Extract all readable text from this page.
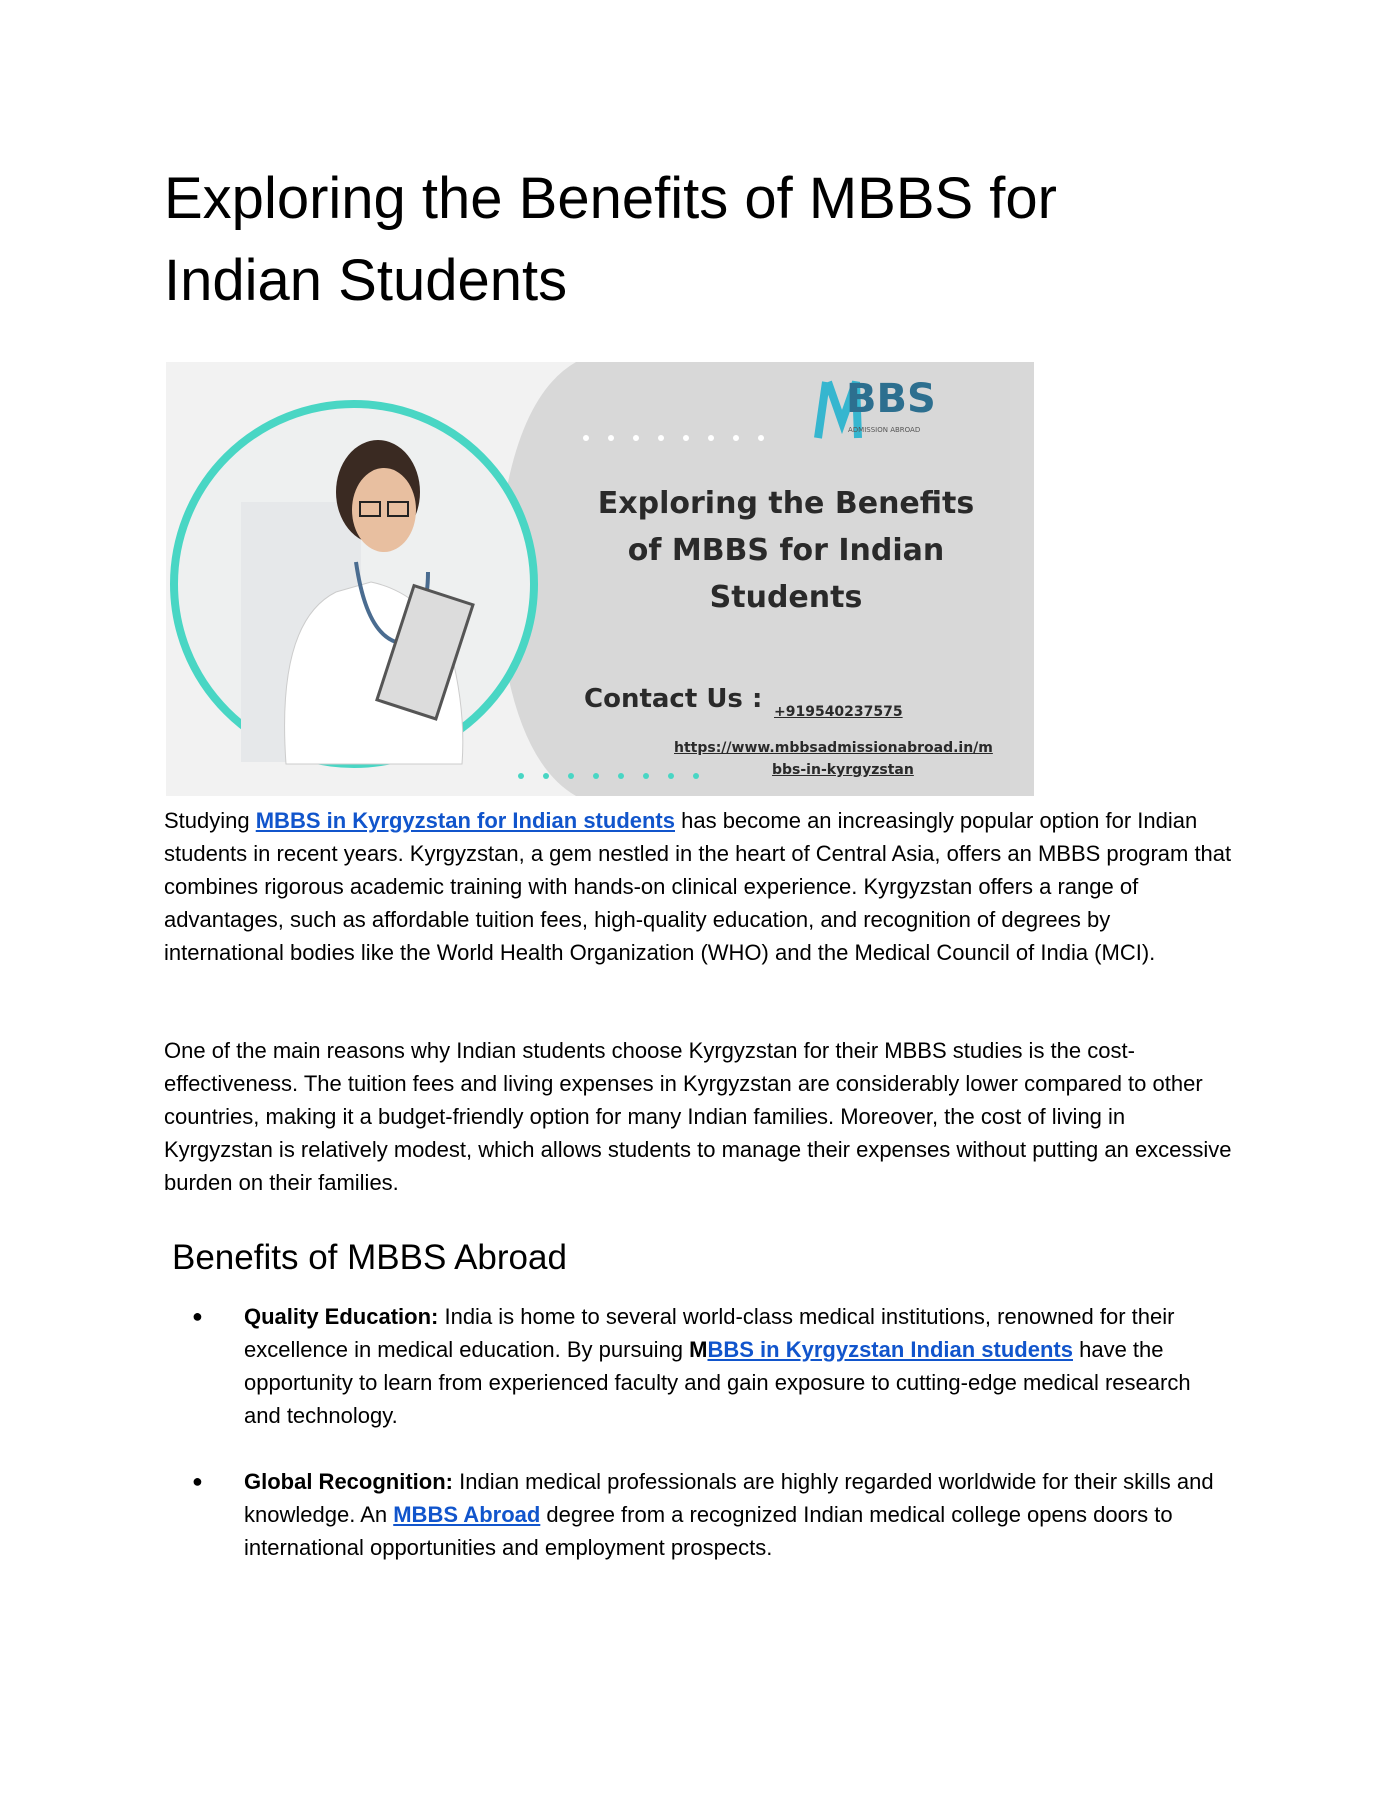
Exploring the Benefits of MBBS for Indian Students
BBS
ADMISSION ABROAD
Exploring the Benefits of MBBS for Indian Students
Contact Us : +919540237575
https://www.mbbsadmissionabroad.in/m
bbs-in-kyrgyzstan

Studying MBBS in Kyrgyzstan for Indian students has become an increasingly popular option for Indian students in recent years. Kyrgyzstan, a gem nestled in the heart of Central Asia, offers an MBBS program that combines rigorous academic training with hands-on clinical experience. Kyrgyzstan offers a range of advantages, such as affordable tuition fees, high-quality education, and recognition of degrees by international bodies like the World Health Organization (WHO) and the Medical Council of India (MCI).

One of the main reasons why Indian students choose Kyrgyzstan for their MBBS studies is the cost-effectiveness. The tuition fees and living expenses in Kyrgyzstan are considerably lower compared to other countries, making it a budget-friendly option for many Indian families. Moreover, the cost of living in Kyrgyzstan is relatively modest, which allows students to manage their expenses without putting an excessive burden on their families.

Benefits of MBBS Abroad
● Quality Education: India is home to several world-class medical institutions, renowned for their excellence in medical education. By pursuing MBBS in Kyrgyzstan Indian students have the opportunity to learn from experienced faculty and gain exposure to cutting-edge medical research and technology.
● Global Recognition: Indian medical professionals are highly regarded worldwide for their skills and knowledge. An MBBS Abroad degree from a recognized Indian medical college opens doors to international opportunities and employment prospects.
